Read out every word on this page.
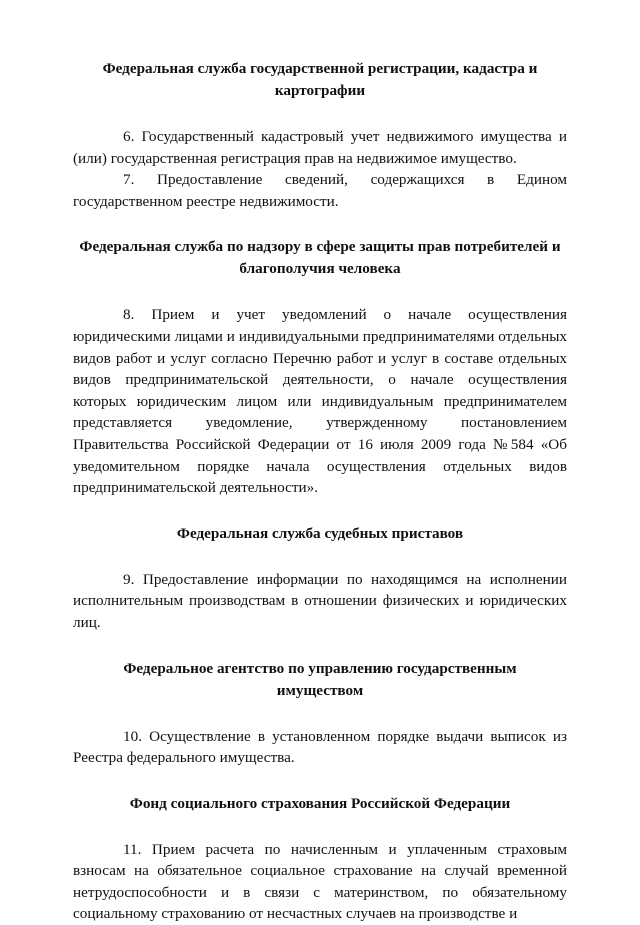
Федеральная служба государственной регистрации, кадастра и картографии

6. Государственный кадастровый учет недвижимого имущества и (или) государственная регистрация прав на недвижимое имущество.

7. Предоставление сведений, содержащихся в Едином государственном реестре недвижимости.

Федеральная служба по надзору в сфере защиты прав потребителей и благополучия человека

8. Прием и учет уведомлений о начале осуществления юридическими лицами и индивидуальными предпринимателями отдельных видов работ и услуг согласно Перечню работ и услуг в составе отдельных видов предпринимательской деятельности, о начале осуществления которых юридическим лицом или индивидуальным предпринимателем представляется уведомление, утвержденному постановлением Правительства Российской Федерации от 16 июля 2009 года №584 «Об уведомительном порядке начала осуществления отдельных видов предпринимательской деятельности».

Федеральная служба судебных приставов

9. Предоставление информации по находящимся на исполнении исполнительным производствам в отношении физических и юридических лиц.

Федеральное агентство по управлению государственным имуществом

10. Осуществление в установленном порядке выдачи выписок из Реестра федерального имущества.

Фонд социального страхования Российской Федерации

11. Прием расчета по начисленным и уплаченным страховым взносам на обязательное социальное страхование на случай временной нетрудоспособности и в связи с материнством, по обязательному социальному страхованию от несчастных случаев на производстве и
